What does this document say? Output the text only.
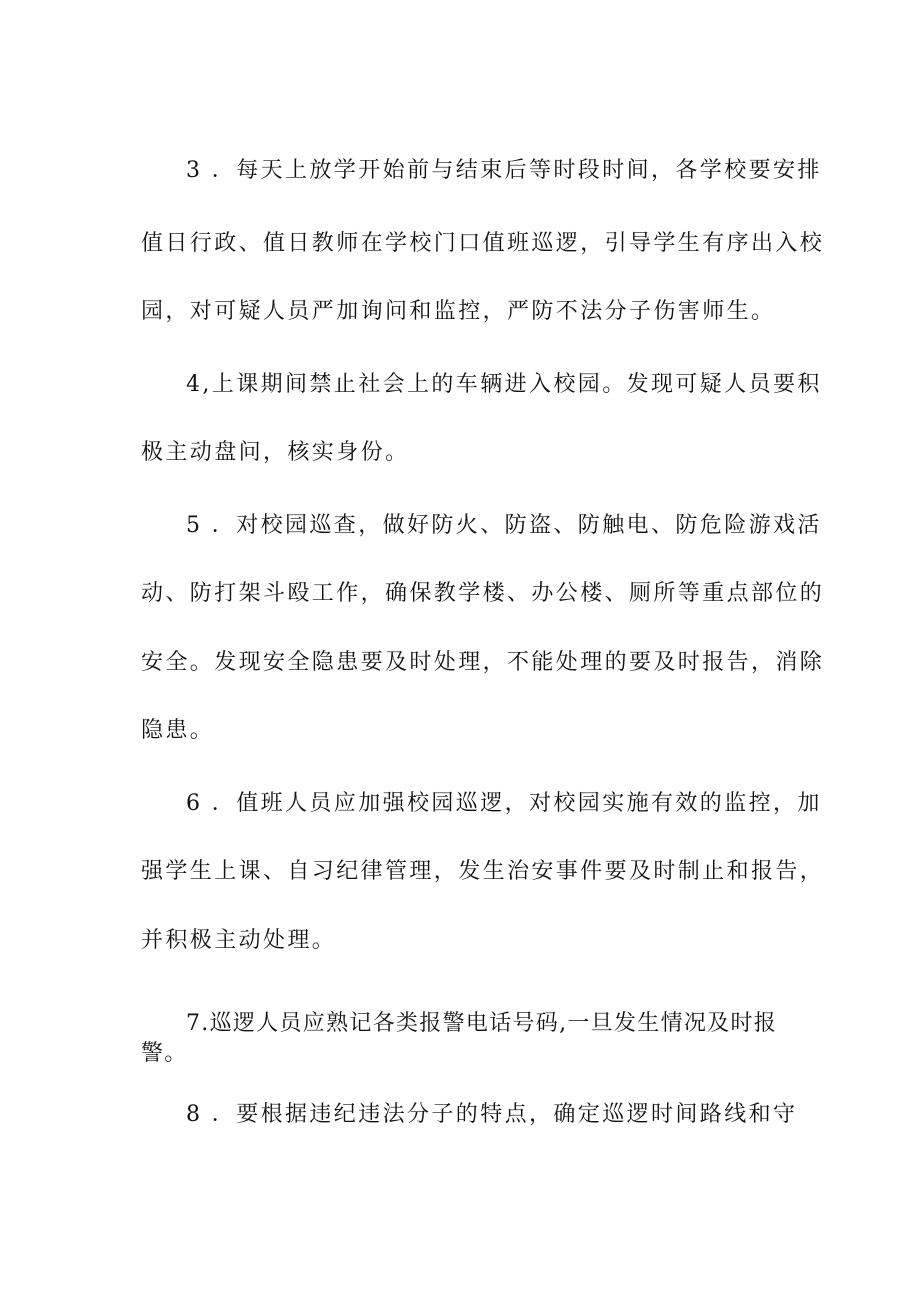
3 ．每天上放学开始前与结束后等时段时间，各学校要安排
值日行政、值日教师在学校门口值班巡逻，引导学生有序出入校
园，对可疑人员严加询问和监控，严防不法分子伤害师生。
4,上课期间禁止社会上的车辆进入校园。发现可疑人员要积
极主动盘问，核实身份。
5 ．对校园巡查，做好防火、防盗、防触电、防危险游戏活
动、防打架斗殴工作，确保教学楼、办公楼、厕所等重点部位的
安全。发现安全隐患要及时处理，不能处理的要及时报告，消除
隐患。
6 ．值班人员应加强校园巡逻，对校园实施有效的监控，加
强学生上课、自习纪律管理，发生治安事件要及时制止和报告，
并积极主动处理。
7.巡逻人员应熟记各类报警电话号码,一旦发生情况及时报
警。
8 ．要根据违纪违法分子的特点，确定巡逻时间路线和守
